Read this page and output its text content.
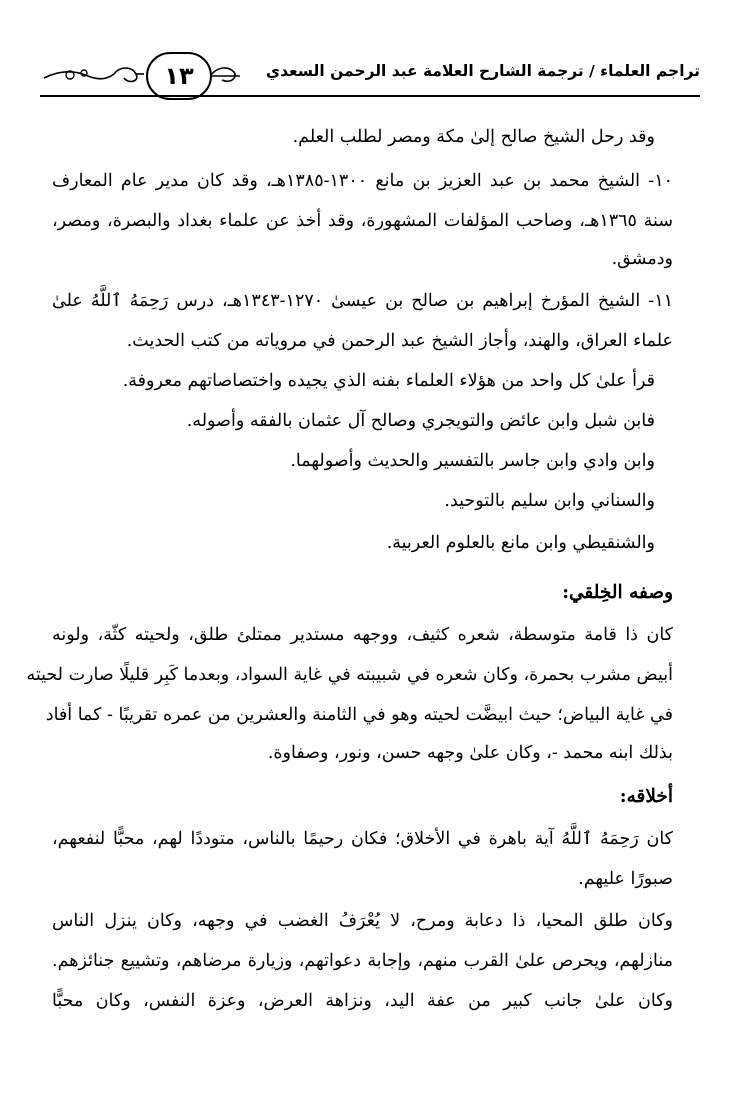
١٣	تراجم العلماء / ترجمة الشارح العلامة عبد الرحمن السعدي
وقد رحل الشيخ صالح إلىٰ مكة ومصر لطلب العلم.
١٠- الشيخ محمد بن عبد العزيز بن مانع ١٣٠٠-١٣٨٥هـ، وقد كان مدير عام المعارف
سنة ١٣٦٥هـ، وصاحب المؤلفات المشهورة، وقد أخذ عن علماء بغداد والبصرة، ومصر،
ودمشق.
١١- الشيخ المؤرخ إبراهيم بن صالح بن عيسىٰ ١٢٧٠-١٣٤٣هـ، درس رَحِمَهُ ٱللَّهُ علىٰ
علماء العراق، والهند، وأجاز الشيخ عبد الرحمن في مروياته من كتب الحديث.
قرأ علىٰ كل واحد من هؤلاء العلماء بفنه الذي يجيده واختصاصاتهم معروفة.
فابن شبل وابن عائض والتويجري وصالح آل عثمان بالفقه وأصوله.
وابن وادي وابن جاسر بالتفسير والحديث وأصولهما.
والسناني وابن سليم بالتوحيد.
والشنقيطي وابن مانع بالعلوم العربية.
وصفه الخِلقي:
كان ذا قامة متوسطة، شعره كثيف، ووجهه مستدير ممتلئ طلق، ولحيته كثّة، ولونه
أبيض مشرب بحمرة، وكان شعره في شبيبته في غاية السواد، وبعدما كَبِر قليلًا صارت لحيته
في غاية البياض؛ حيث ابيضَّت لحيته وهو في الثامنة والعشرين من عمره تقريبًا - كما أفاد
بذلك ابنه محمد -، وكان علىٰ وجهه حسن، ونور، وصفاوة.
أخلاقه:
كان رَحِمَهُ ٱللَّهُ آية باهرة في الأخلاق؛ فكان رحيمًا بالناس، متوددًا لهم، محبًّا لنفعهم،
صبورًا عليهم.
وكان طلق المحيا، ذا دعابة ومرح، لا يُعْرَفُ الغضب في وجهه، وكان ينزل الناس
منازلهم، ويحرص علىٰ القرب منهم، وإجابة دعواتهم، وزيارة مرضاهم، وتشييع جنائزهم.
وكان علىٰ جانب كبير من عفة اليد، ونزاهة العرض، وعزة النفس، وكان محبًّا
